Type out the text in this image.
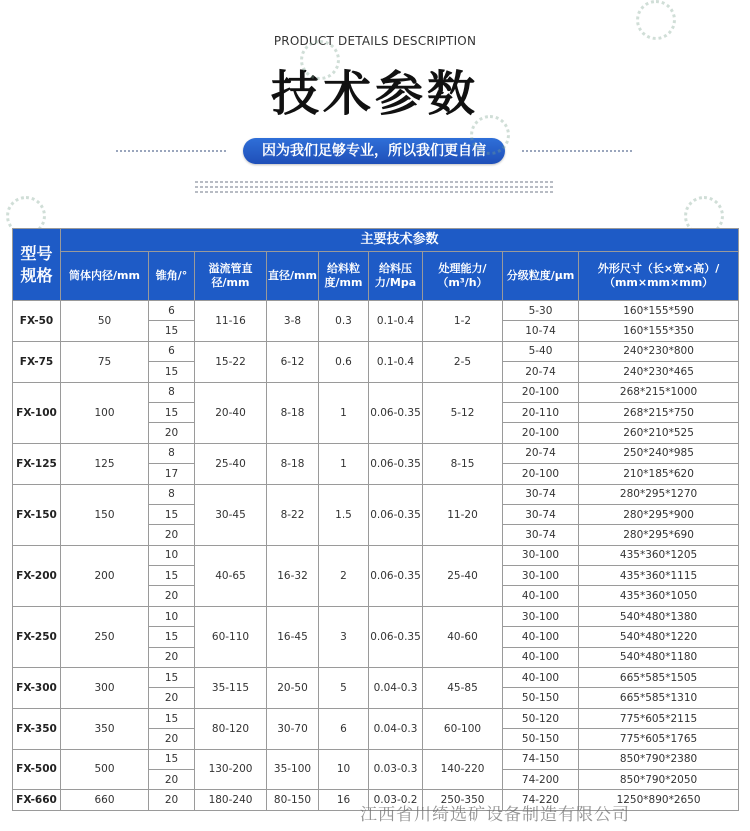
PRODUCT DETAILS DESCRIPTION
技术参数
因为我们足够专业，所以我们更自信
型号规格	主要技术参数								
	筒体内径/mm	锥角/°	溢流管直径/mm	直径/mm	给料粒度/mm	给料压力/Mpa	处理能力/（m³/h）	分级粒度/μm	外形尺寸（长×宽×高）/（mm×mm×mm）
FX-50	50	6	11-16	3-8	0.3	0.1-0.4	1-2	5-30	160*155*590
		15						10-74	160*155*350
FX-75	75	6	15-22	6-12	0.6	0.1-0.4	2-5	5-40	240*230*800
		15						20-74	240*230*465
FX-100	100	8	20-40	8-18	1	0.06-0.35	5-12	20-100	268*215*1000
		15						20-110	268*215*750
		20						20-100	260*210*525
FX-125	125	8	25-40	8-18	1	0.06-0.35	8-15	20-74	250*240*985
		17						20-100	210*185*620
FX-150	150	8	30-45	8-22	1.5	0.06-0.35	11-20	30-74	280*295*1270
		15						30-74	280*295*900
		20						30-74	280*295*690
FX-200	200	10	40-65	16-32	2	0.06-0.35	25-40	30-100	435*360*1205
		15						30-100	435*360*1115
		20						40-100	435*360*1050
FX-250	250	10	60-110	16-45	3	0.06-0.35	40-60	30-100	540*480*1380
		15						40-100	540*480*1220
		20						40-100	540*480*1180
FX-300	300	15	35-115	20-50	5	0.04-0.3	45-85	40-100	665*585*1505
		20						50-150	665*585*1310
FX-350	350	15	80-120	30-70	6	0.04-0.3	60-100	50-120	775*605*2115
		20						50-150	775*605*1765
FX-500	500	15	130-200	35-100	10	0.03-0.3	140-220	74-150	850*790*2380
		20						74-200	850*790*2050
FX-660	660	20	180-240	80-150	16	0.03-0.2	250-350	74-220	1250*890*2650
江西省川绮选矿设备制造有限公司
